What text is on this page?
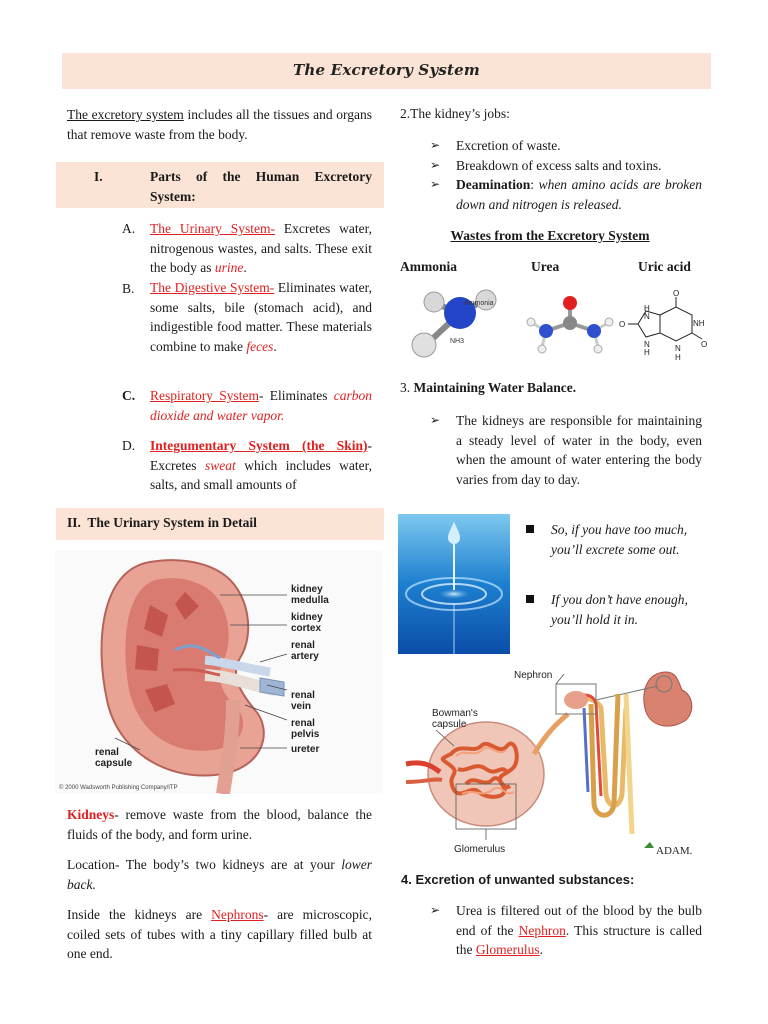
The Excretory System
The excretory system includes all the tissues and organs that remove waste from the body.
I.	Parts of the Human Excretory System:
A. The Urinary System- Excretes water, nitrogenous wastes, and salts. These exit the body as urine.
B. The Digestive System- Eliminates water, some salts, bile (stomach acid), and indigestible food matter. These materials combine to make feces.
C. Respiratory System- Eliminates carbon dioxide and water vapor.
D. Integumentary System (the Skin)- Excretes sweat which includes water, salts, and small amounts of
II.  The Urinary System in Detail
kidney
medulla
kidney
cortex
renal
artery
renal
vein
renal
pelvis
ureter
renal
capsule
© 2000 Wadsworth Publishing Company/ITP
Kidneys- remove waste from the blood, balance the fluids of the body, and form urine.
Location- The body’s two kidneys are at your lower back.
Inside the kidneys are Nephrons- are microscopic, coiled sets of tubes with a tiny capillary filled bulb at one end.
2.The kidney’s jobs:
➢ Excretion of waste.
➢ Breakdown of excess salts and toxins.
➢ Deamination: when amino acids are broken down and nitrogen is released.
Wastes from the Excretory System
Ammonia	Urea	Uric acid
Ammonia
NH3
O
O
O
NH
N
H
N
H
N
H
3. Maintaining Water Balance.
➢ The kidneys are responsible for maintaining a steady level of water in the body, even when the amount of water entering the body varies from day to day.
So, if you have too much, you’ll excrete some out.
If you don’t have enough, you’ll hold it in.
Nephron
Bowman's
capsule
Glomerulus	ADAM.
4. Excretion of unwanted substances:
➢ Urea is filtered out of the blood by the bulb end of the Nephron. This structure is called the Glomerulus.
